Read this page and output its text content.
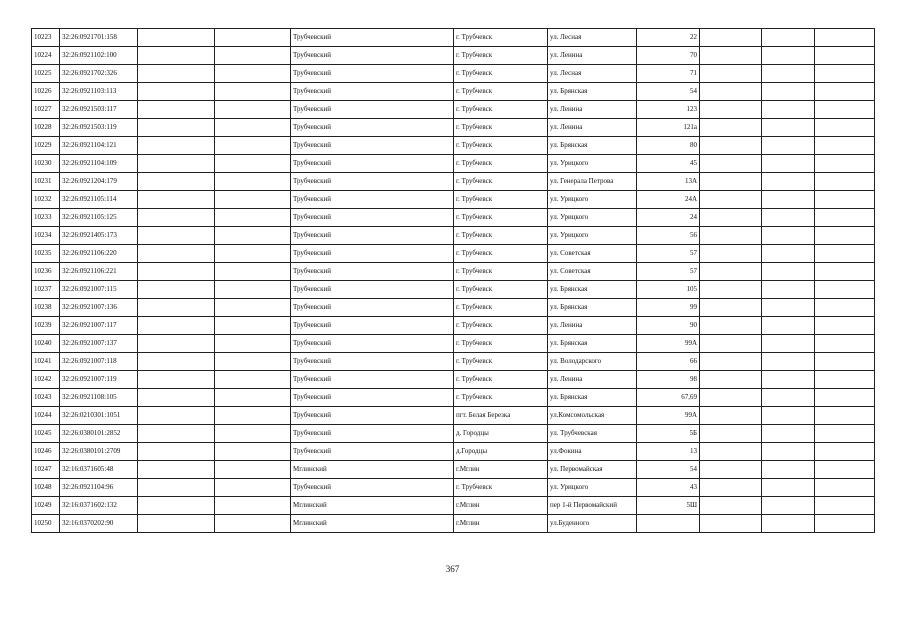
10223	32:26:0921701:158			Трубчевский	г. Трубчевск	ул. Лесная	22			
10224	32:26:0921102:100			Трубчевский	г. Трубчевск	ул. Ленина	70			
10225	32:26:0921702:326			Трубчевский	г. Трубчевск	ул. Лесная	71			
10226	32:26:0921103:113			Трубчевский	г. Трубчевск	ул. Брянская	54			
10227	32:26:0921503:117			Трубчевский	г. Трубчевск	ул. Ленина	123			
10228	32:26:0921503:119			Трубчевский	г. Трубчевск	ул. Ленина	121а			
10229	32:26:0921104:121			Трубчевский	г. Трубчевск	ул. Брянская	80			
10230	32:26:0921104:109			Трубчевский	г. Трубчевск	ул. Урицкого	45			
10231	32:26:0921204:179			Трубчевский	г. Трубчевск	ул. Генерала Петрова	13А			
10232	32:26:0921105:114			Трубчевский	г. Трубчевск	ул. Урицкого	24А			
10233	32:26:0921105:125			Трубчевский	г. Трубчевск	ул. Урицкого	24			
10234	32:26:0921405:173			Трубчевский	г. Трубчевск	ул. Урицкого	56			
10235	32:26:0921106:220			Трубчевский	г. Трубчевск	ул. Советская	57			
10236	32:26:0921106:221			Трубчевский	г. Трубчевск	ул. Советская	57			
10237	32:26:0921007:115			Трубчевский	г. Трубчевск	ул. Брянская	105			
10238	32:26:0921007:136			Трубчевский	г. Трубчевск	ул. Брянская	99			
10239	32:26:0921007:117			Трубчевский	г. Трубчевск	ул. Ленина	90			
10240	32:26:0921007:137			Трубчевский	г. Трубчевск	ул. Брянская	99А			
10241	32:26:0921007:118			Трубчевский	г. Трубчевск	ул. Володарского	66			
10242	32:26:0921007:119			Трубчевский	г. Трубчевск	ул. Ленина	98			
10243	32:26:0921108:105			Трубчевский	г. Трубчевск	ул. Брянская	67,69			
10244	32:26:0210301:1051			Трубчевский	пгт. Белая Березка	ул.Комсомольская	99А			
10245	32:26:0380101:2852			Трубчевский	д. Городцы	ул. Трубчевская	5Б			
10246	32:26:0380101:2709			Трубчевский	д.Городцы	ул.Фокина	13			
10247	32:16:0371605:48			Мглинский	г.Мглин	ул. Первомайская	54			
10248	32:26:0921104:96			Трубчевский	г. Трубчевск	ул. Урицкого	43			
10249	32:16:0371602:132			Мглинский	г.Мглин	пер 1-й Первомайский	5Ш			
10250	32:16:0370202:90			Мглинский	г.Мглин	ул.Буденного				
367
